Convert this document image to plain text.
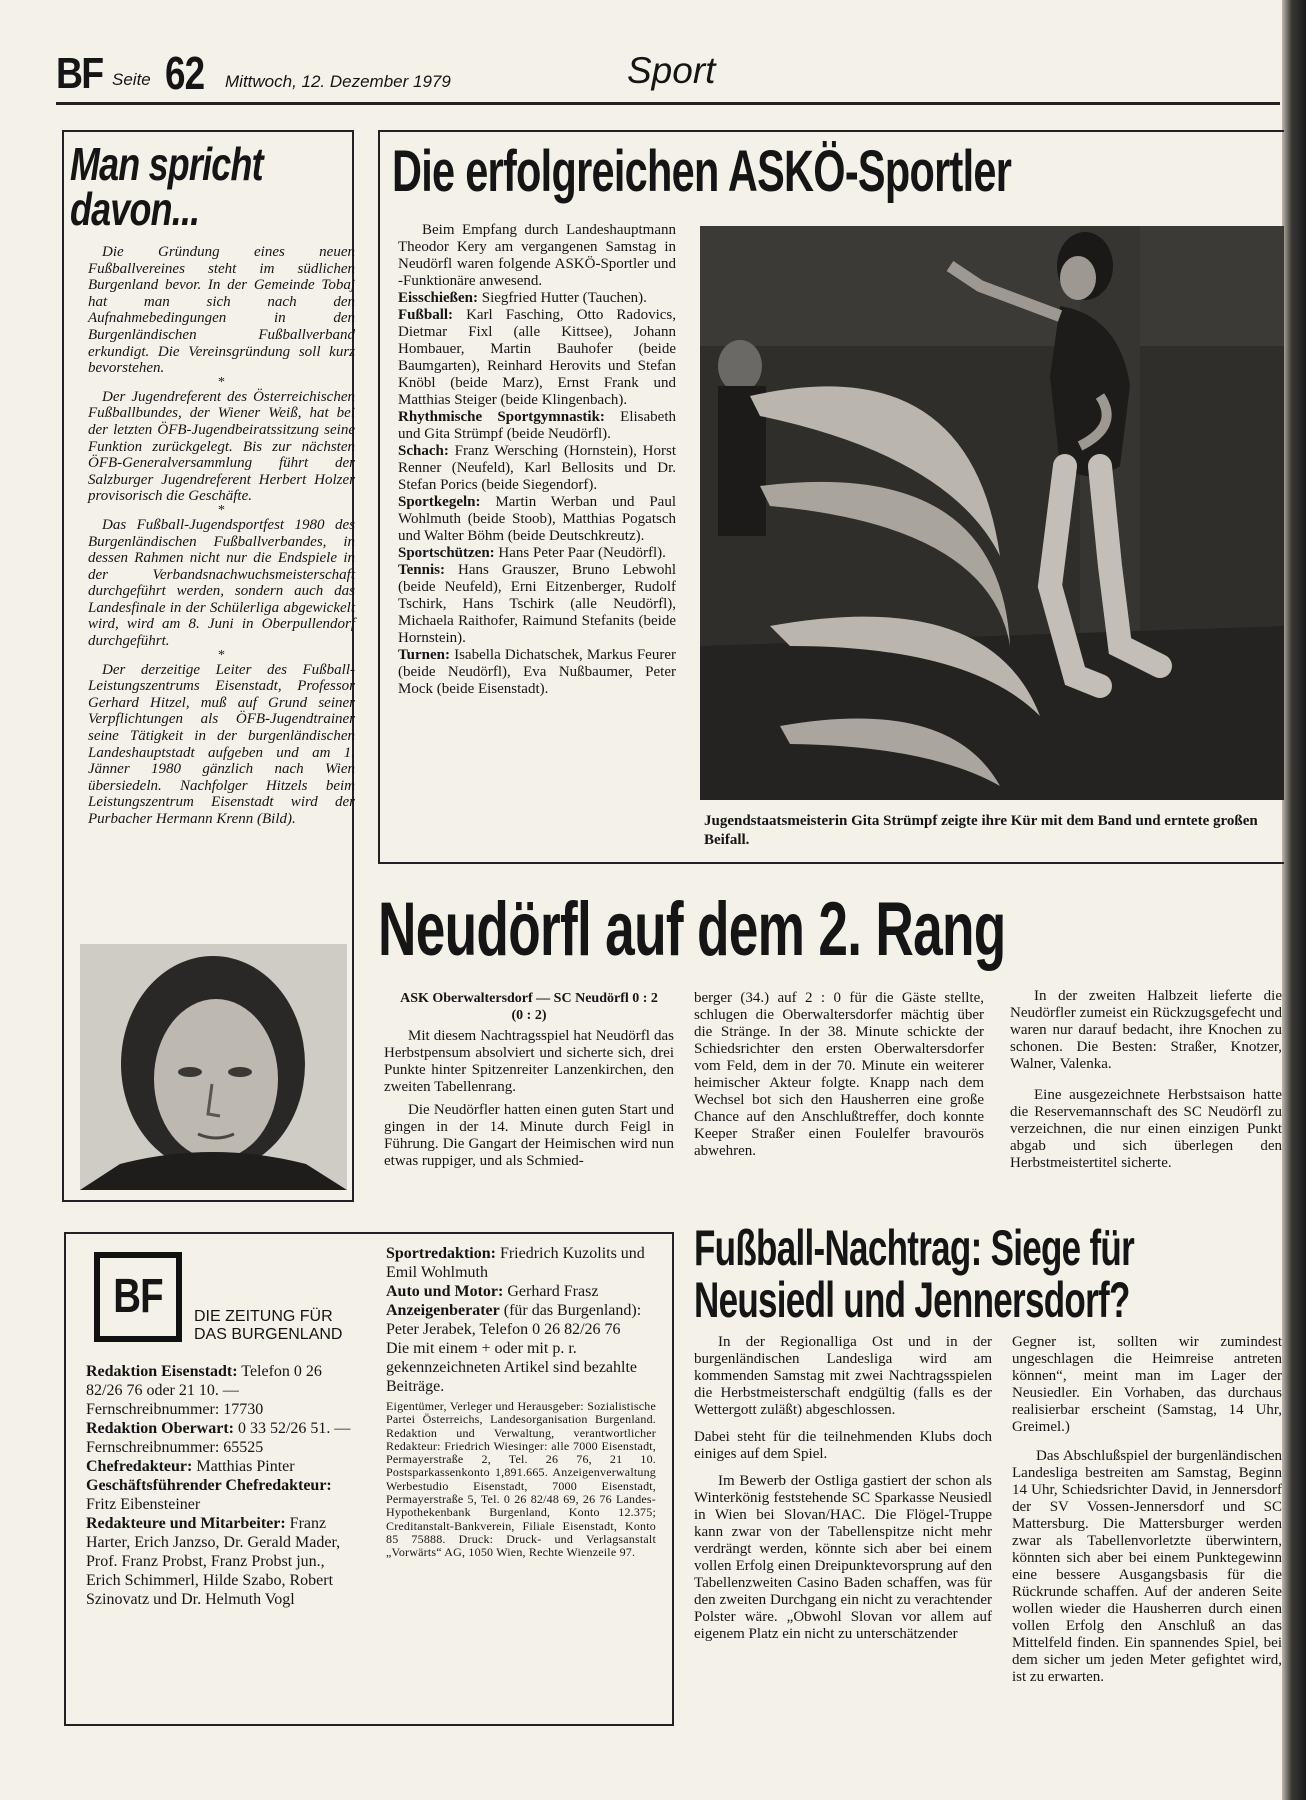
BF Seite 62 Mittwoch, 12. Dezember 1979	Sport
Man spricht
davon...

Die Gründung eines neuen Fußballvereines steht im südlichen Burgenland bevor. In der Gemeinde Tobaj hat man sich nach den Aufnahmebedingungen in den Burgenländischen Fußballverband erkundigt. Die Vereinsgründung soll kurz bevorstehen.

*

Der Jugendreferent des Österreichischen Fußballbundes, der Wiener Weiß, hat bei der letzten ÖFB-Jugendbeiratssitzung seine Funktion zurückgelegt. Bis zur nächsten ÖFB-Generalversammlung führt der Salzburger Jugendreferent Herbert Holzer provisorisch die Geschäfte.

*

Das Fußball-Jugendsportfest 1980 des Burgenländischen Fußballverbandes, in dessen Rahmen nicht nur die Endspiele in der Verbandsnachwuchsmeisterschaft durchgeführt werden, sondern auch das Landesfinale in der Schülerliga abgewickelt wird, wird am 8. Juni in Oberpullendorf durchgeführt.

*

Der derzeitige Leiter des Fußball-Leistungszentrums Eisenstadt, Professor Gerhard Hitzel, muß auf Grund seiner Verpflichtungen als ÖFB-Jugendtrainer seine Tätigkeit in der burgenländischen Landeshauptstadt aufgeben und am 1. Jänner 1980 gänzlich nach Wien übersiedeln. Nachfolger Hitzels beim Leistungszentrum Eisenstadt wird der Purbacher Hermann Krenn (Bild).

Die erfolgreichen ASKÖ-Sportler

Beim Empfang durch Landeshauptmann Theodor Kery am vergangenen Samstag in Neudörfl waren folgende ASKÖ-Sportler und -Funktionäre anwesend.

Eisschießen: Siegfried Hutter (Tauchen).

Fußball: Karl Fasching, Otto Radovics, Dietmar Fixl (alle Kittsee), Johann Hombauer, Martin Bauhofer (beide Baumgarten), Reinhard Herovits und Stefan Knöbl (beide Marz), Ernst Frank und Matthias Steiger (beide Klingenbach).

Rhythmische Sportgymnastik: Elisabeth und Gita Strümpf (beide Neudörfl).

Schach: Franz Wersching (Hornstein), Horst Renner (Neufeld), Karl Bellosits und Dr. Stefan Porics (beide Siegendorf).

Sportkegeln: Martin Werban und Paul Wohlmuth (beide Stoob), Matthias Pogatsch und Walter Böhm (beide Deutschkreutz).

Sportschützen: Hans Peter Paar (Neudörfl).

Tennis: Hans Grauszer, Bruno Lebwohl (beide Neufeld), Erni Eitzenberger, Rudolf Tschirk, Hans Tschirk (alle Neudörfl), Michaela Raithofer, Raimund Stefanits (beide Hornstein).

Turnen: Isabella Dichatschek, Markus Feurer (beide Neudörfl), Eva Nußbaumer, Peter Mock (beide Eisenstadt).

Jugendstaatsmeisterin Gita Strümpf zeigte ihre Kür mit dem Band und erntete großen Beifall.
Neudörfl auf dem 2. Rang

ASK Oberwaltersdorf — SC Neudörfl 0 : 2 (0 : 2)

Mit diesem Nachtragsspiel hat Neudörfl das Herbstpensum absolviert und sicherte sich, drei Punkte hinter Spitzenreiter Lanzenkirchen, den zweiten Tabellenrang.

Die Neudörfler hatten einen guten Start und gingen in der 14. Minute durch Feigl in Führung. Die Gangart der Heimischen wird nun etwas ruppiger, und als Schmied-

berger (34.) auf 2 : 0 für die Gäste stellte, schlugen die Oberwaltersdorfer mächtig über die Stränge. In der 38. Minute schickte der Schiedsrichter den ersten Oberwaltersdorfer vom Feld, dem in der 70. Minute ein weiterer heimischer Akteur folgte. Knapp nach dem Wechsel bot sich den Hausherren eine große Chance auf den Anschlußtreffer, doch konnte Keeper Straßer einen Foulelfer bravourös abwehren.

In der zweiten Halbzeit lieferte die Neudörfler zumeist ein Rückzugsgefecht und waren nur darauf bedacht, ihre Knochen zu schonen. Die Besten: Straßer, Knotzer, Walner, Valenka.

Eine ausgezeichnete Herbstsaison hatte die Reservemannschaft des SC Neudörfl zu verzeichnen, die nur einen einzigen Punkt abgab und sich überlegen den Herbstmeistertitel sicherte.

BF DIE ZEITUNG FÜR
DAS BURGENLAND

Redaktion Eisenstadt: Telefon 0 26 82/26 76 oder 21 10. — Fernschreibnummer: 17730

Redaktion Oberwart: 0 33 52/26 51. — Fernschreibnummer: 65525

Chefredakteur: Matthias Pinter

Geschäftsführender Chefredakteur: Fritz Eibensteiner

Redakteure und Mitarbeiter: Franz Harter, Erich Janzso, Dr. Gerald Mader, Prof. Franz Probst, Franz Probst jun., Erich Schimmerl, Hilde Szabo, Robert Szinovatz und Dr. Helmuth Vogl

Sportredaktion: Friedrich Kuzolits und Emil Wohlmuth

Auto und Motor: Gerhard Frasz

Anzeigenberater (für das Burgenland): Peter Jerabek, Telefon 0 26 82/26 76

Die mit einem + oder mit p. r. gekennzeichneten Artikel sind bezahlte Beiträge.

Eigentümer, Verleger und Herausgeber: Sozialistische Partei Österreichs, Landesorganisation Burgenland. Redaktion und Verwaltung, verantwortlicher Redakteur: Friedrich Wiesinger: alle 7000 Eisenstadt, Permayerstraße 2, Tel. 26 76, 21 10. Postsparkassenkonto 1,891.665. Anzeigenverwaltung Werbestudio Eisenstadt, 7000 Eisenstadt, Permayerstraße 5, Tel. 0 26 82/48 69, 26 76 Landes-Hypothekenbank Burgenland, Konto 12.375; Creditanstalt-Bankverein, Filiale Eisenstadt, Konto 85 75888. Druck: Druck- und Verlagsanstalt „Vorwärts“ AG, 1050 Wien, Rechte Wienzeile 97.

Fußball-Nachtrag: Siege für
Neusiedl und Jennersdorf?

In der Regionalliga Ost und in der burgenländischen Landesliga wird am kommenden Samstag mit zwei Nachtragsspielen die Herbstmeisterschaft endgültig (falls es der Wettergott zuläßt) abgeschlossen.

Dabei steht für die teilnehmenden Klubs doch einiges auf dem Spiel.

Im Bewerb der Ostliga gastiert der schon als Winterkönig feststehende SC Sparkasse Neusiedl in Wien bei Slovan/HAC. Die Flögel-Truppe kann zwar von der Tabellenspitze nicht mehr verdrängt werden, könnte sich aber bei einem vollen Erfolg einen Dreipunktevorsprung auf den Tabellenzweiten Casino Baden schaffen, was für den zweiten Durchgang ein nicht zu verachtender Polster wäre. „Obwohl Slovan vor allem auf eigenem Platz ein nicht zu unterschätzender

Gegner ist, sollten wir zumindest ungeschlagen die Heimreise antreten können“, meint man im Lager der Neusiedler. Ein Vorhaben, das durchaus realisierbar erscheint (Samstag, 14 Uhr, Greimel.)

Das Abschlußspiel der burgenländischen Landesliga bestreiten am Samstag, Beginn 14 Uhr, Schiedsrichter David, in Jennersdorf der SV Vossen-Jennersdorf und SC Mattersburg. Die Mattersburger werden zwar als Tabellenvorletzte überwintern, könnten sich aber bei einem Punktegewinn eine bessere Ausgangsbasis für die Rückrunde schaffen. Auf der anderen Seite wollen wieder die Hausherren durch einen vollen Erfolg den Anschluß an das Mittelfeld finden. Ein spannendes Spiel, bei dem sicher um jeden Meter gefightet wird, ist zu erwarten.
